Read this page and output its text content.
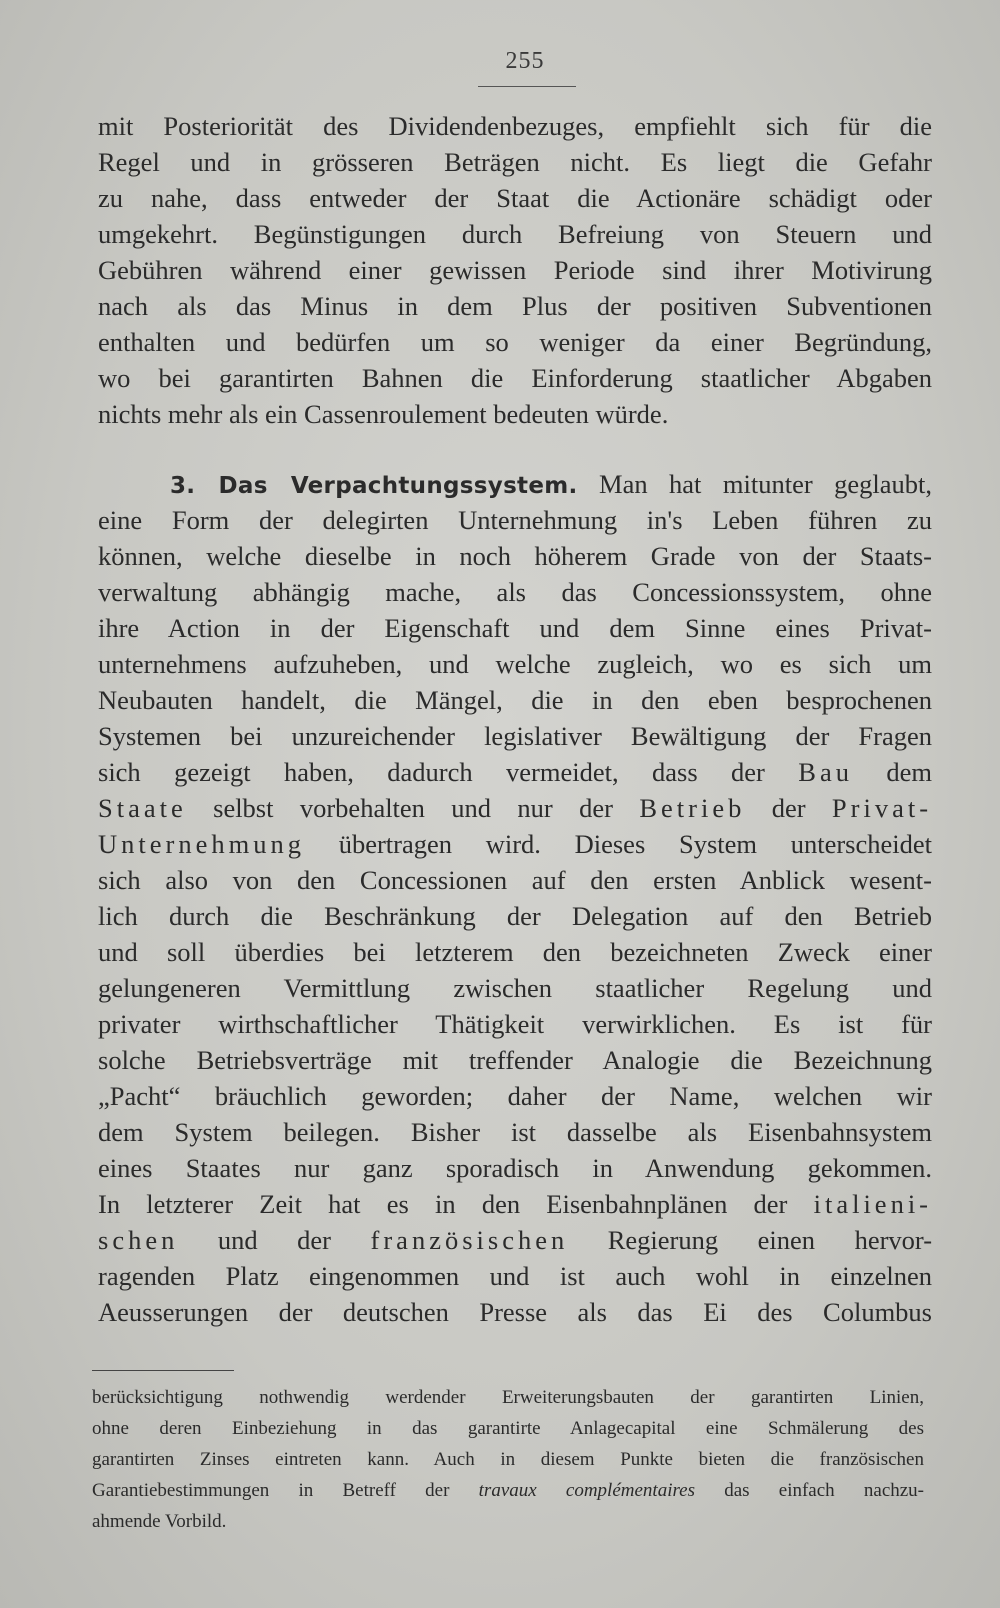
255
mit Posteriorität des Dividendenbezuges, empfiehlt sich für die
Regel und in grösseren Beträgen nicht. Es liegt die Gefahr
zu nahe, dass entweder der Staat die Actionäre schädigt oder
umgekehrt. Begünstigungen durch Befreiung von Steuern und
Gebühren während einer gewissen Periode sind ihrer Motivirung
nach als das Minus in dem Plus der positiven Subventionen
enthalten und bedürfen um so weniger da einer Begründung,
wo bei garantirten Bahnen die Einforderung staatlicher Abgaben
nichts mehr als ein Cassenroulement bedeuten würde.
3. Das Verpachtungssystem. Man hat mitunter geglaubt,
eine Form der delegirten Unternehmung in's Leben führen zu
können, welche dieselbe in noch höherem Grade von der Staats-
verwaltung abhängig mache, als das Concessionssystem, ohne
ihre Action in der Eigenschaft und dem Sinne eines Privat-
unternehmens aufzuheben, und welche zugleich, wo es sich um
Neubauten handelt, die Mängel, die in den eben besprochenen
Systemen bei unzureichender legislativer Bewältigung der Fragen
sich gezeigt haben, dadurch vermeidet, dass der Bau dem
Staate selbst vorbehalten und nur der Betrieb der Privat-
Unternehmung übertragen wird. Dieses System unterscheidet
sich also von den Concessionen auf den ersten Anblick wesent-
lich durch die Beschränkung der Delegation auf den Betrieb
und soll überdies bei letzterem den bezeichneten Zweck einer
gelungeneren Vermittlung zwischen staatlicher Regelung und
privater wirthschaftlicher Thätigkeit verwirklichen. Es ist für
solche Betriebsverträge mit treffender Analogie die Bezeichnung
„Pacht“ bräuchlich geworden; daher der Name, welchen wir
dem System beilegen. Bisher ist dasselbe als Eisenbahnsystem
eines Staates nur ganz sporadisch in Anwendung gekommen.
In letzterer Zeit hat es in den Eisenbahnplänen der italieni-
schen und der französischen Regierung einen hervor-
ragenden Platz eingenommen und ist auch wohl in einzelnen
Aeusserungen der deutschen Presse als das Ei des Columbus
berücksichtigung nothwendig werdender Erweiterungsbauten der garantirten Linien,
ohne deren Einbeziehung in das garantirte Anlagecapital eine Schmälerung des
garantirten Zinses eintreten kann. Auch in diesem Punkte bieten die französischen
Garantiebestimmungen in Betreff der travaux complémentaires das einfach nachzu-
ahmende Vorbild.
